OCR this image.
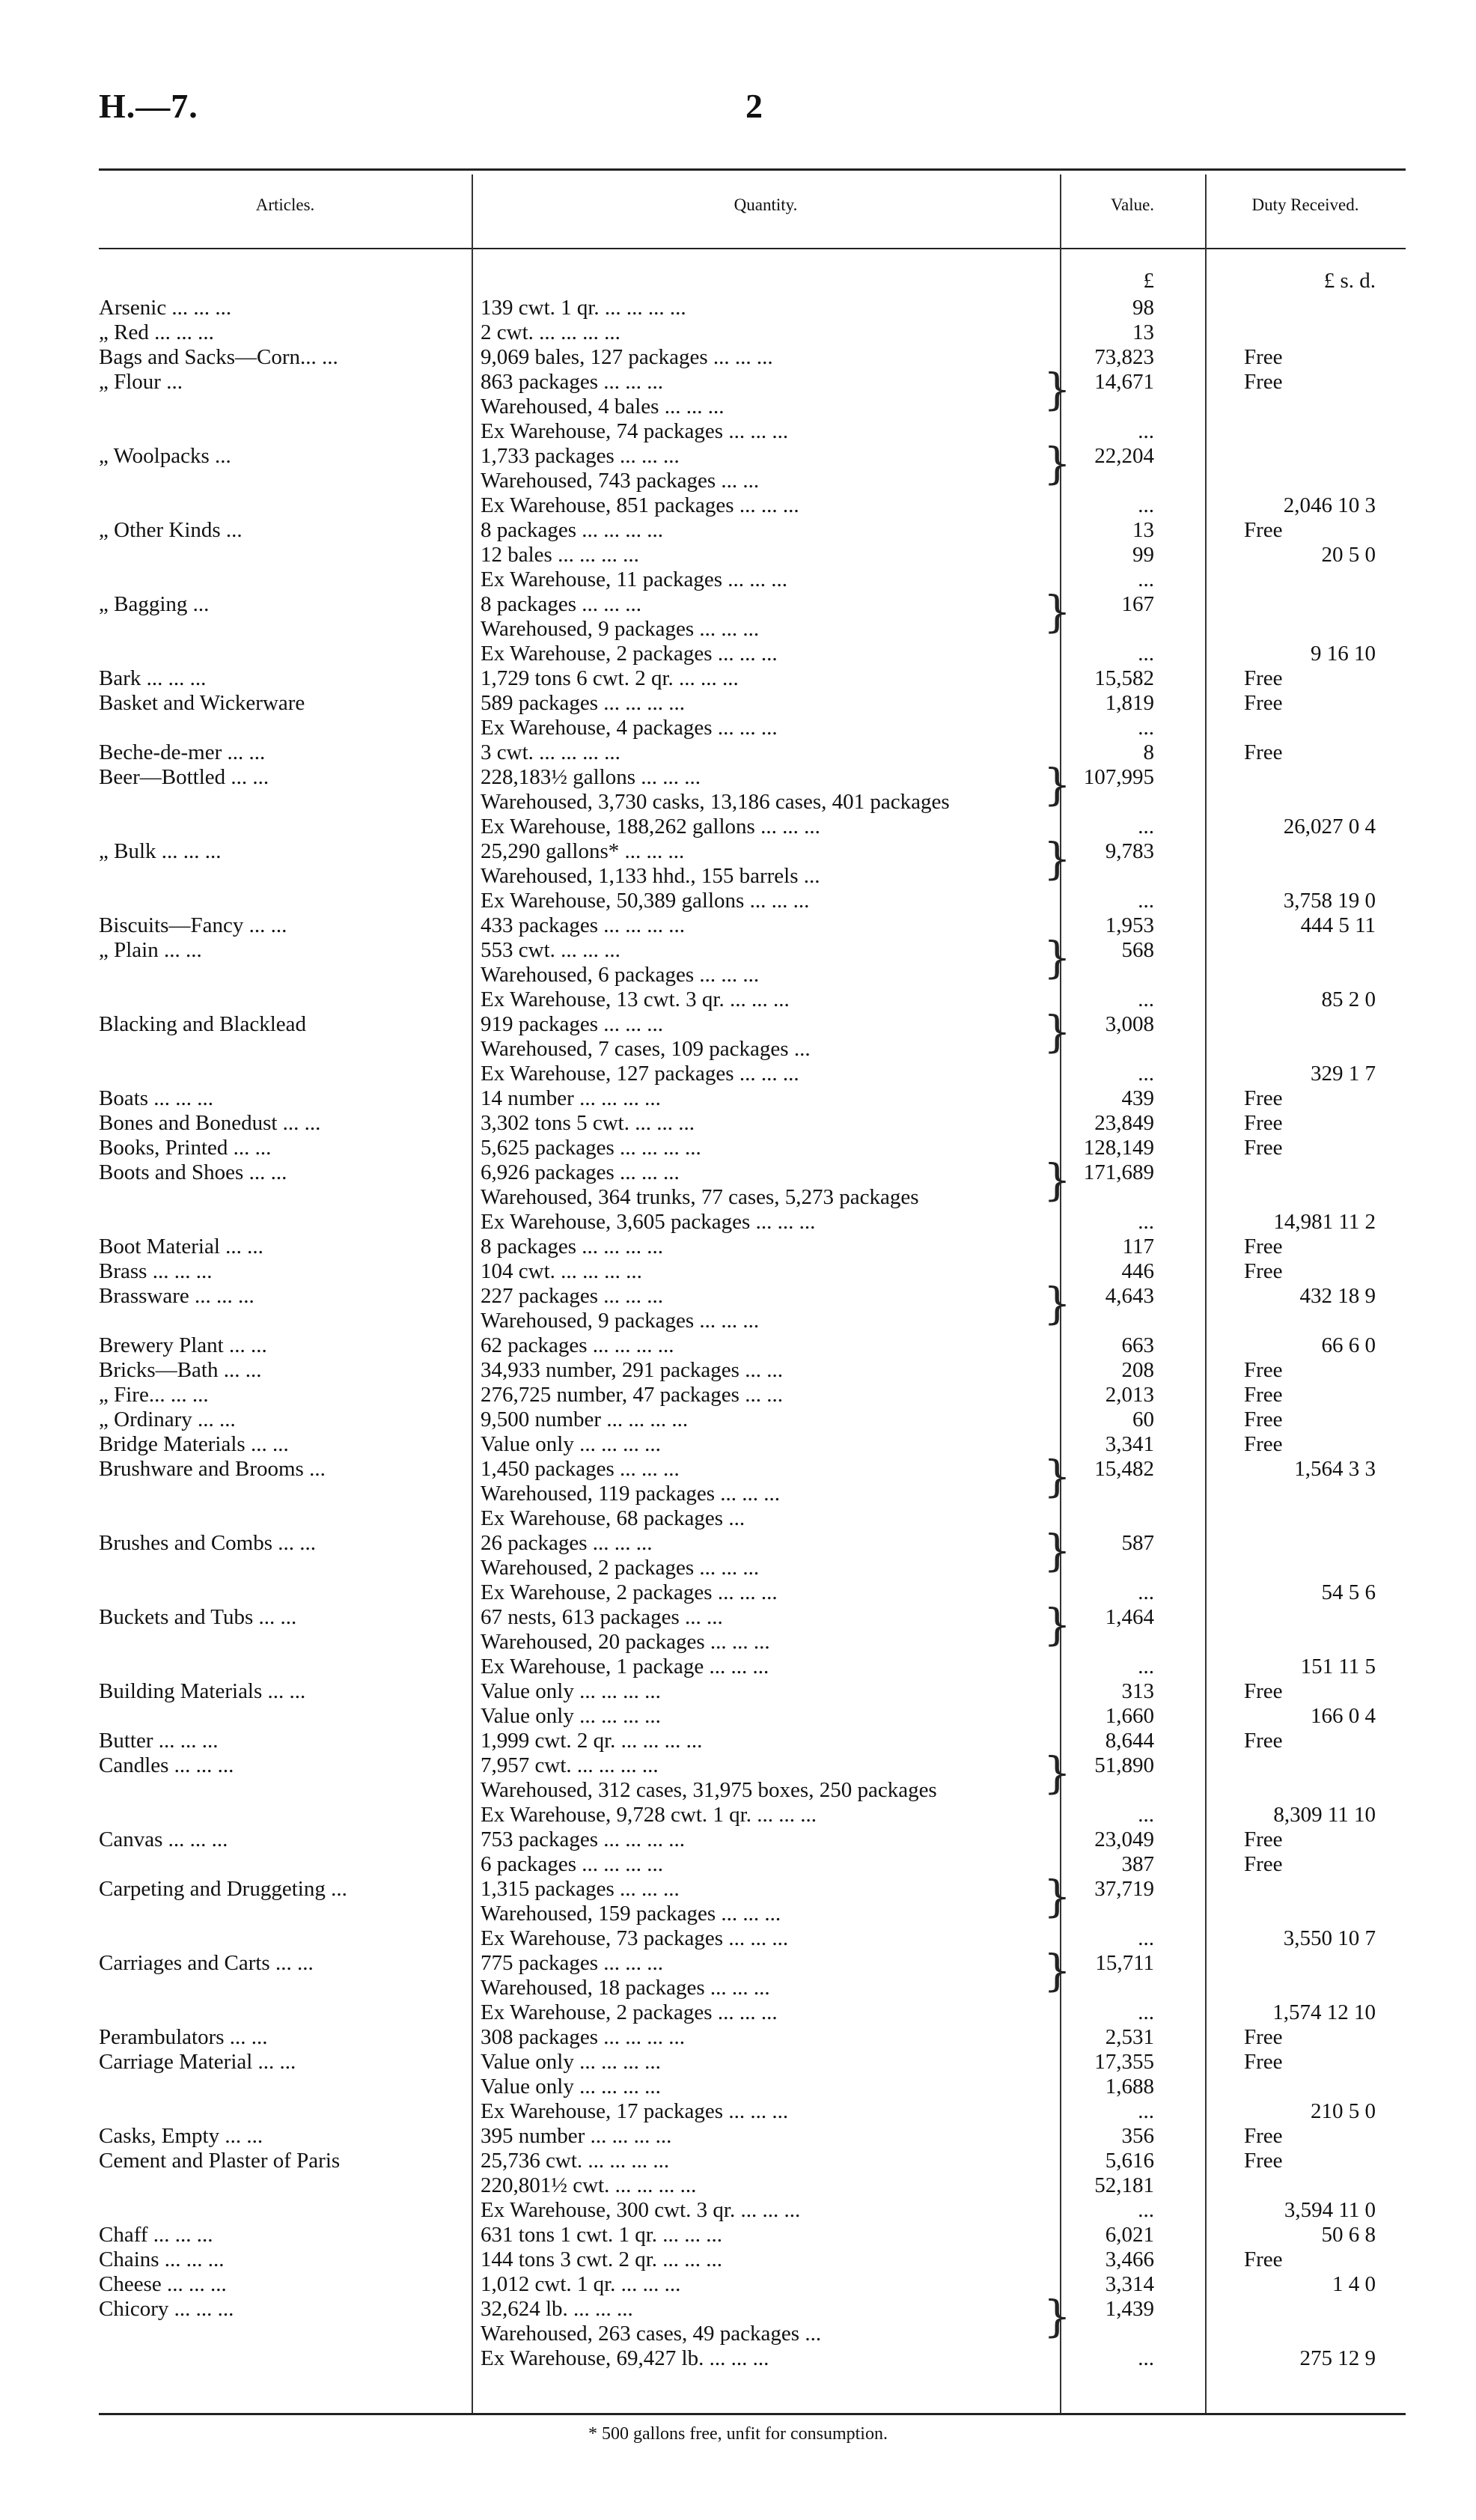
H.—7.	2
Articles.	Quantity.	Value.	Duty Received.
£	£ s. d.
Arsenic ... ... ...	139 cwt. 1 qr. ... ... ... ...	98
„ Red ... ... ...	2 cwt. ... ... ... ...	13
Bags and Sacks—Corn... ...	9,069 bales, 127 packages ... ... ...	73,823	Free
„ Flour ...	863 packages ... ... ...	14,671	Free
}
Warehoused, 4 bales ... ... ...
Ex Warehouse, 74 packages ... ... ...	...
„ Woolpacks ...	1,733 packages ... ... ...	22,204
}
Warehoused, 743 packages ... ...
Ex Warehouse, 851 packages ... ... ...	...	2,046 10 3
„ Other Kinds ...	8 packages ... ... ... ...	13	Free
12 bales ... ... ... ...	99	20 5 0
Ex Warehouse, 11 packages ... ... ...	...
„ Bagging ...	8 packages ... ... ...	167
}
Warehoused, 9 packages ... ... ...
Ex Warehouse, 2 packages ... ... ...	...	9 16 10
Bark ... ... ...	1,729 tons 6 cwt. 2 qr. ... ... ...	15,582	Free
Basket and Wickerware	589 packages ... ... ... ...	1,819	Free
Ex Warehouse, 4 packages ... ... ...	...
Beche-de-mer ... ...	3 cwt. ... ... ... ...	8	Free
Beer—Bottled ... ...	228,183½ gallons ... ... ...	107,995
}
Warehoused, 3,730 casks, 13,186 cases, 401 packages
Ex Warehouse, 188,262 gallons ... ... ...	...	26,027 0 4
„ Bulk ... ... ...	25,290 gallons* ... ... ...	9,783
}
Warehoused, 1,133 hhd., 155 barrels ...
Ex Warehouse, 50,389 gallons ... ... ...	...	3,758 19 0
Biscuits—Fancy ... ...	433 packages ... ... ... ...	1,953	444 5 11
„ Plain ... ...	553 cwt. ... ... ...	568
}
Warehoused, 6 packages ... ... ...
Ex Warehouse, 13 cwt. 3 qr. ... ... ...	...	85 2 0
Blacking and Blacklead	919 packages ... ... ...	3,008
}
Warehoused, 7 cases, 109 packages ...
Ex Warehouse, 127 packages ... ... ...	...	329 1 7
Boats ... ... ...	14 number ... ... ... ...	439	Free
Bones and Bonedust ... ...	3,302 tons 5 cwt. ... ... ...	23,849	Free
Books, Printed ... ...	5,625 packages ... ... ... ...	128,149	Free
Boots and Shoes ... ...	6,926 packages ... ... ...	171,689
}
Warehoused, 364 trunks, 77 cases, 5,273 packages
Ex Warehouse, 3,605 packages ... ... ...	...	14,981 11 2
Boot Material ... ...	8 packages ... ... ... ...	117	Free
Brass ... ... ...	104 cwt. ... ... ... ...	446	Free
Brassware ... ... ...	227 packages ... ... ...	4,643	432 18 9
}
Warehoused, 9 packages ... ... ...
Brewery Plant ... ...	62 packages ... ... ... ...	663	66 6 0
Bricks—Bath ... ...	34,933 number, 291 packages ... ...	208	Free
„ Fire... ... ...	276,725 number, 47 packages ... ...	2,013	Free
„ Ordinary ... ...	9,500 number ... ... ... ...	60	Free
Bridge Materials ... ...	Value only ... ... ... ...	3,341	Free
Brushware and Brooms ...	1,450 packages ... ... ...	15,482	1,564 3 3
}
Warehoused, 119 packages ... ... ...
Ex Warehouse, 68 packages ...
Brushes and Combs ... ...	26 packages ... ... ...	587
}
Warehoused, 2 packages ... ... ...
Ex Warehouse, 2 packages ... ... ...	...	54 5 6
Buckets and Tubs ... ...	67 nests, 613 packages ... ...	1,464
}
Warehoused, 20 packages ... ... ...
Ex Warehouse, 1 package ... ... ...	...	151 11 5
Building Materials ... ...	Value only ... ... ... ...	313	Free
Value only ... ... ... ...	1,660	166 0 4
Butter ... ... ...	1,999 cwt. 2 qr. ... ... ... ...	8,644	Free
Candles ... ... ...	7,957 cwt. ... ... ... ...	51,890
}
Warehoused, 312 cases, 31,975 boxes, 250 packages
Ex Warehouse, 9,728 cwt. 1 qr. ... ... ...	...	8,309 11 10
Canvas ... ... ...	753 packages ... ... ... ...	23,049	Free
6 packages ... ... ... ...	387	Free
Carpeting and Druggeting ...	1,315 packages ... ... ...	37,719
}
Warehoused, 159 packages ... ... ...
Ex Warehouse, 73 packages ... ... ...	...	3,550 10 7
Carriages and Carts ... ...	775 packages ... ... ...	15,711
}
Warehoused, 18 packages ... ... ...
Ex Warehouse, 2 packages ... ... ...	...	1,574 12 10
Perambulators ... ...	308 packages ... ... ... ...	2,531	Free
Carriage Material ... ...	Value only ... ... ... ...	17,355	Free
Value only ... ... ... ...	1,688
Ex Warehouse, 17 packages ... ... ...	...	210 5 0
Casks, Empty ... ...	395 number ... ... ... ...	356	Free
Cement and Plaster of Paris	25,736 cwt. ... ... ... ...	5,616	Free
220,801½ cwt. ... ... ... ...	52,181
Ex Warehouse, 300 cwt. 3 qr. ... ... ...	...	3,594 11 0
Chaff ... ... ...	631 tons 1 cwt. 1 qr. ... ... ...	6,021	50 6 8
Chains ... ... ...	144 tons 3 cwt. 2 qr. ... ... ...	3,466	Free
Cheese ... ... ...	1,012 cwt. 1 qr. ... ... ...	3,314	1 4 0
Chicory ... ... ...	32,624 lb. ... ... ...	1,439
}
Warehoused, 263 cases, 49 packages ...
Ex Warehouse, 69,427 lb. ... ... ...	...	275 12 9
* 500 gallons free, unfit for consumption.
